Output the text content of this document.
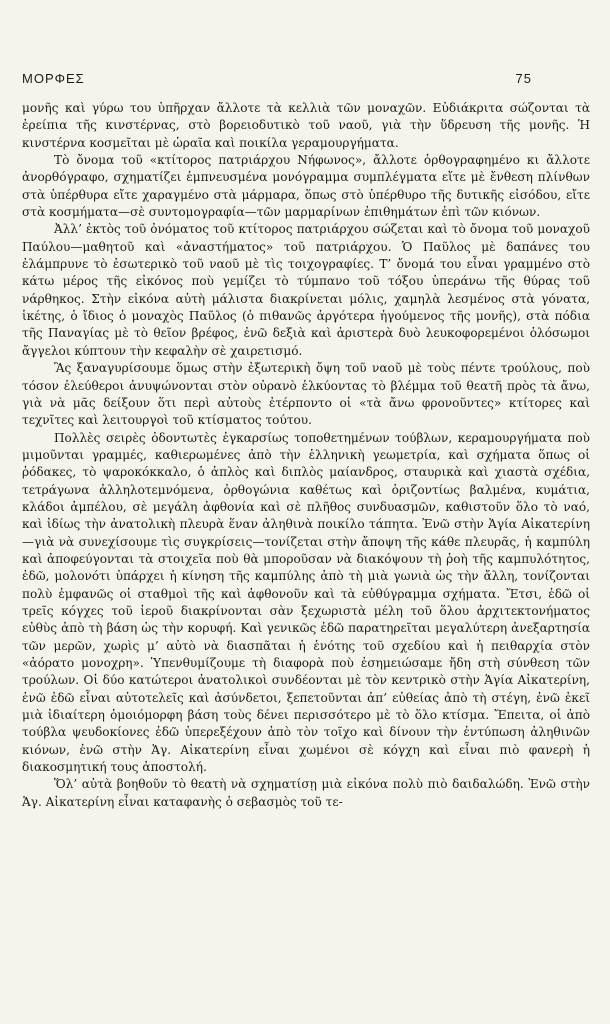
ΜΟΡΦΕΣ	75

μονῆς καὶ γύρω του ὑπῆρχαν ἄλλοτε τὰ κελλιὰ τῶν μοναχῶν. Εὐδιάκριτα σώζονται τὰ ἐρείπια τῆς κινστέρνας, στὸ βορειοδυτικὸ τοῦ ναοῦ, γιὰ τὴν ὕδρευση τῆς μονῆς. Ἡ κινστέρνα κοσμεῖται μὲ ὡραῖα καὶ ποικίλα γεραμουργήματα.

Τὸ ὄνομα τοῦ «κτίτορος πατριάρχου Νήφωνος», ἄλλοτε ὀρθογραφημένο κι ἄλλοτε ἀνορθόγραφο, σχηματίζει ἐμπνευσμένα μονόγραμμα συμπλέγματα εἴτε μὲ ἔνθεση πλίνθων στὰ ὑπέρθυρα εἴτε χαραγμένο στὰ μάρμαρα, ὅπως στὸ ὑπέρθυρο τῆς δυτικῆς εἰσόδου, εἴτε στὰ κοσμήματα—σὲ συντομογραφία—τῶν μαρμαρίνων ἐπιθημάτων ἐπὶ τῶν κιόνων.

Ἀλλ’ ἐκτὸς τοῦ ὀνόματος τοῦ κτίτορος πατριάρχου σώζεται καὶ τὸ ὄνομα τοῦ μοναχοῦ Παύλου—μαθητοῦ καὶ «ἀναστήματος» τοῦ πατριάρχου. Ὁ Παῦλος μὲ δαπάνες του ἐλάμπρυνε τὸ ἐσωτερικὸ τοῦ ναοῦ μὲ τὶς τοιχογραφίες. Τ’ ὄνομά του εἶναι γραμμένο στὸ κάτω μέρος τῆς εἰκόνος ποὺ γεμίζει τὸ τύμπανο τοῦ τόξου ὑπεράνω τῆς θύρας τοῦ νάρθηκος. Στὴν εἰκόνα αὐτὴ μάλιστα διακρίνεται μόλις, χαμηλὰ λεσμένος στὰ γόνατα, ἱκέτης, ὁ ἴδιος ὁ μοναχὸς Παῦλος (ὁ πιθανῶς ἀργότερα ἡγούμενος τῆς μονῆς), στὰ πόδια τῆς Παναγίας μὲ τὸ θεῖον βρέφος, ἐνῶ δεξιὰ καὶ ἀριστερὰ δυὸ λευκοφορεμένοι ὁλόσωμοι ἄγγελοι κύπτουν τὴν κεφαλὴν σὲ χαιρετισμό.

Ἂς ξαναγυρίσουμε ὅμως στὴν ἐξωτερικὴ ὄψη τοῦ ναοῦ μὲ τοὺς πέντε τρούλους, ποὺ τόσον ἐλεύθεροι ἀνυψώνονται στὸν οὐρανὸ ἑλκύοντας τὸ βλέμμα τοῦ θεατῆ πρὸς τὰ ἄνω, γιὰ νὰ μᾶς δείξουν ὅτι περὶ αὐτοὺς ἐτέρποντο οἱ «τὰ ἄνω φρονοῦντες» κτίτορες καὶ τεχνῖτες καὶ λειτουργοὶ τοῦ κτίσματος τούτου.

Πολλὲς σειρὲς ὀδοντωτὲς ἐγκαρσίως τοποθετημένων τούβλων, κεραμουργήματα ποὺ μιμοῦνται γραμμές, καθιερωμένες ἀπὸ τὴν ἑλληνικὴ γεωμετρία, καὶ σχήματα ὅπως οἱ ῥόδακες, τὸ ψαροκόκκαλο, ὁ ἁπλὸς καὶ διπλὸς μαίανδρος, σταυρικὰ καὶ χιαστὰ σχέδια, τετράγωνα ἀλληλοτεμνόμενα, ὀρθογώνια καθέτως καὶ ὁριζοντίως βαλμένα, κυμάτια, κλάδοι ἀμπέλου, σὲ μεγάλη ἀφθονία καὶ σὲ πλῆθος συνδυασμῶν, καθιστοῦν ὅλο τὸ ναό, καὶ ἰδίως τὴν ἀνατολικὴ πλευρὰ ἕναν ἀληθινὰ ποικίλο τάπητα. Ἐνῶ στὴν Ἁγία Αἰκατερίνη—γιὰ νὰ συνεχίσουμε τὶς συγκρίσεις—τονίζεται στὴν ἄποψη τῆς κάθε πλευρᾶς, ἡ καμπύλη καὶ ἀποφεύγονται τὰ στοιχεῖα ποὺ θὰ μποροῦσαν νὰ διακόψουν τὴ ῥοὴ τῆς καμπυλότητος, ἐδῶ, μολονότι ὑπάρχει ἡ κίνηση τῆς καμπύλης ἀπὸ τὴ μιὰ γωνιὰ ὡς τὴν ἄλλη, τονίζονται πολὺ ἐμφανῶς οἱ σταθμοὶ τῆς καὶ ἀφθονοῦν καὶ τὰ εὐθύγραμμα σχήματα. Ἔτσι, ἐδῶ οἱ τρεῖς κόγχες τοῦ ἱεροῦ διακρίνονται σὰν ξεχωριστὰ μέλη τοῦ ὅλου ἀρχιτεκτονήματος εὐθὺς ἀπὸ τὴ βάση ὡς τὴν κορυφή. Καὶ γενικῶς ἐδῶ παρατηρεῖται μεγαλύτερη ἀνεξαρτησία τῶν μερῶν, χωρὶς μ’ αὐτὸ νὰ διασπᾶται ἡ ἑνότης τοῦ σχεδίου καὶ ἡ πειθαρχία στὸν «ἀόρατο μονοχρη». Ὑπενθυμίζουμε τὴ διαφορὰ ποὺ ἐσημειώσαμε ἤδη στὴ σύνθεση τῶν τρούλων. Οἱ δύο κατώτεροι ἀνατολικοὶ συνδέονται μὲ τὸν κεντρικὸ στὴν Ἁγία Αἰκατερίνη, ἐνῶ ἐδῶ εἶναι αὐτοτελεῖς καὶ ἀσύνδετοι, ξεπετοῦνται ἀπ’ εὐθείας ἀπὸ τὴ στέγη, ἐνῶ ἐκεῖ μιὰ ἰδιαίτερη ὁμοιόμορφη βάση τοὺς δένει περισσότερο μὲ τὸ ὅλο κτίσμα. Ἔπειτα, οἱ ἀπὸ τούβλα ψευδοκίονες ἐδῶ ὑπερεξέχουν ἀπὸ τὸν τοῖχο καὶ δίνουν τὴν ἐντύπωση ἀληθινῶν κιόνων, ἐνῶ στὴν Ἁγ. Αἰκατερίνη εἶναι χωμένοι σὲ κόγχη καὶ εἶναι πιὸ φανερὴ ἡ διακοσμητική τους ἀποστολή.

Ὅλ’ αὐτὰ βοηθοῦν τὸ θεατὴ νὰ σχηματίσῃ μιὰ εἰκόνα πολὺ πιὸ δαιδαλώδη. Ἐνῶ στὴν Ἁγ. Αἰκατερίνη εἶναι καταφανὴς ὁ σεβασμὸς τοῦ τε-
